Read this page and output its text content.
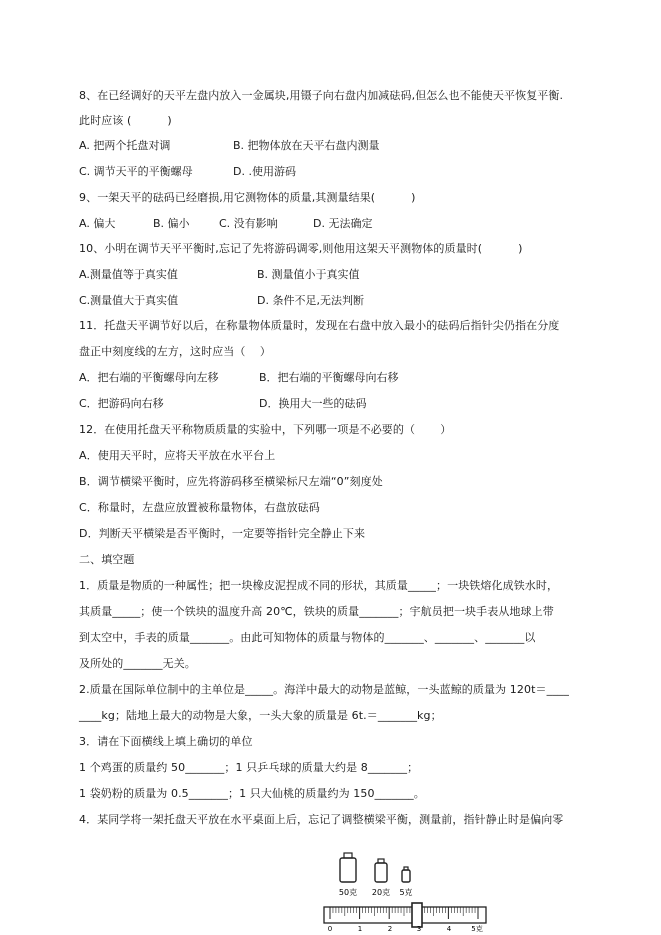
8、在已经调好的天平左盘内放入一金属块,用镊子向右盘内加减砝码,但怎么也不能使天平恢复平衡.
此时应该 (          )
A. 把两个托盘对调	B. 把物体放在天平右盘内测量
C. 调节天平的平衡螺母	D. .使用游码
9、一架天平的砝码已经磨损,用它测物体的质量,其测量结果(          )
A. 偏大	B. 偏小	C. 没有影响	D. 无法确定
10、小明在调节天平平衡时,忘记了先将游码调零,则他用这架天平测物体的质量时(          )
A.测量值等于真实值	B. 测量值小于真实值
C.测量值大于真实值	D. 条件不足,无法判断
11．托盘天平调节好以后，在称量物体质量时，发现在右盘中放入最小的砝码后指针尖仍指在分度
盘正中刻度线的左方，这时应当（    ）
A．把右端的平衡螺母向左移	B．把右端的平衡螺母向右移
C．把游码向右移	D．换用大一些的砝码
12．在使用托盘天平称物质质量的实验中，下列哪一项是不必要的（       ）
A．使用天平时，应将天平放在水平台上
B．调节横梁平衡时，应先将游码移至横梁标尺左端“0”刻度处
C．称量时，左盘应放置被称量物体，右盘放砝码
D．判断天平横梁是否平衡时，一定要等指针完全静止下来
二、填空题
1．质量是物质的一种属性；把一块橡皮泥捏成不同的形状，其质量_____；一块铁熔化成铁水时，
其质量_____；使一个铁块的温度升高 20℃，铁块的质量_______；宇航员把一块手表从地球上带
到太空中，手表的质量_______。由此可知物体的质量与物体的_______、_______、_______以
及所处的_______无关。
2.质量在国际单位制中的主单位是_____。海洋中最大的动物是蓝鲸，一头蓝鲸的质量为 120t＝____
____kg；陆地上最大的动物是大象，一头大象的质量是 6t.＝_______kg；
3．请在下面横线上填上确切的单位
1 个鸡蛋的质量约 50_______；1 只乒乓球的质量大约是 8_______；
1 袋奶粉的质量为 0.5_______；1 只大仙桃的质量约为 150_______。
4．某同学将一架托盘天平放在水平桌面上后，忘记了调整横梁平衡，测量前，指针静止时是偏向零
50克 20克 5克
0	1	2	3	4	5克
